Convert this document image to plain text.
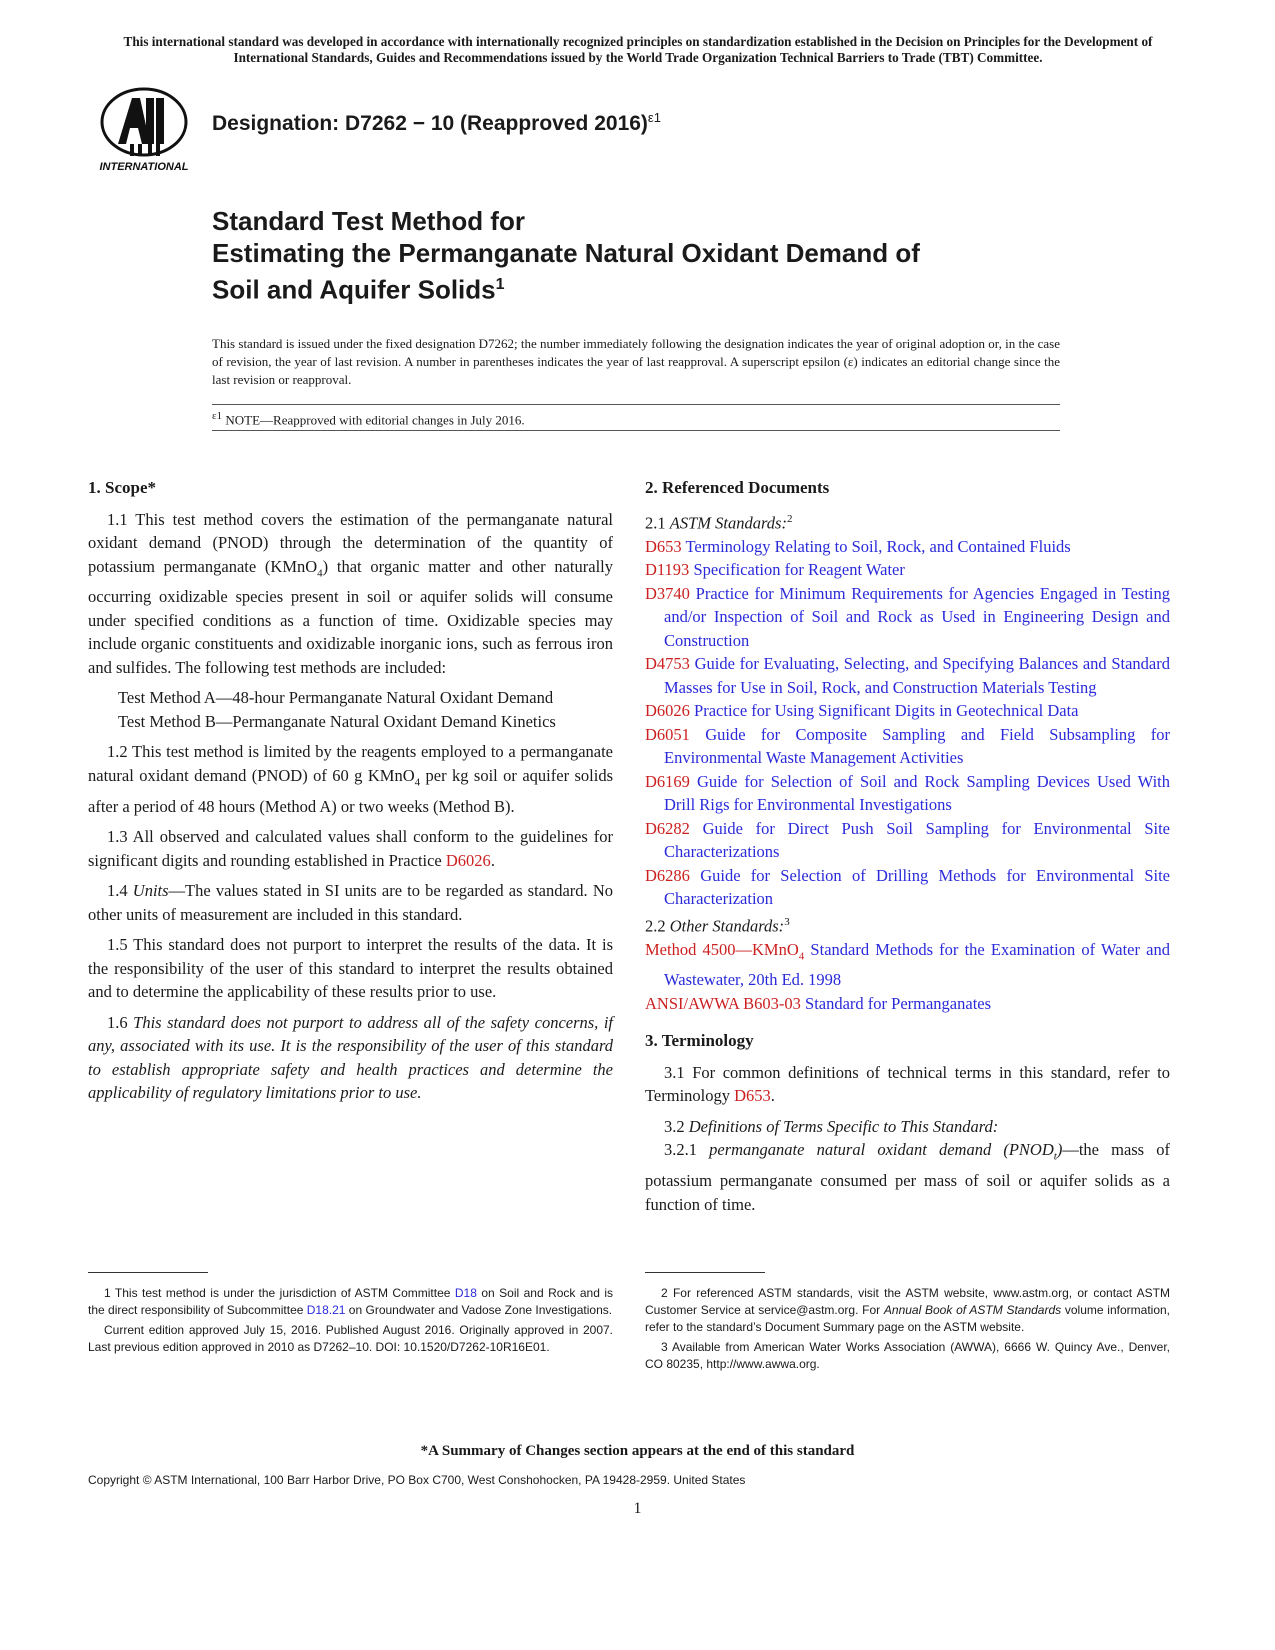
This international standard was developed in accordance with internationally recognized principles on standardization established in the Decision on Principles for the Development of International Standards, Guides and Recommendations issued by the World Trade Organization Technical Barriers to Trade (TBT) Committee.
INTERNATIONAL
Designation: D7262 − 10 (Reapproved 2016)$^{\varepsilon 1}$
Standard Test Method for
Estimating the Permanganate Natural Oxidant Demand of
Soil and Aquifer Solids$^1$
This standard is issued under the fixed designation D7262; the number immediately following the designation indicates the year of original adoption or, in the case of revision, the year of last revision. A number in parentheses indicates the year of last reapproval. A superscript epsilon (ε) indicates an editorial change since the last revision or reapproval.
$^{\varepsilon 1}$ NOTE—Reapproved with editorial changes in July 2016.
1. Scope*

1.1 This test method covers the estimation of the permanganate natural oxidant demand (PNOD) through the determination of the quantity of potassium permanganate (KMnO$_4$) that organic matter and other naturally occurring oxidizable species present in soil or aquifer solids will consume under specified conditions as a function of time. Oxidizable species may include organic constituents and oxidizable inorganic ions, such as ferrous iron and sulfides. The following test methods are included:

Test Method A—48-hour Permanganate Natural Oxidant Demand

Test Method B—Permanganate Natural Oxidant Demand Kinetics

1.2 This test method is limited by the reagents employed to a permanganate natural oxidant demand (PNOD) of 60 g KMnO$_4$ per kg soil or aquifer solids after a period of 48 hours (Method A) or two weeks (Method B).

1.3 All observed and calculated values shall conform to the guidelines for significant digits and rounding established in Practice D6026.

1.4 Units—The values stated in SI units are to be regarded as standard. No other units of measurement are included in this standard.

1.5 This standard does not purport to interpret the results of the data. It is the responsibility of the user of this standard to interpret the results obtained and to determine the applicability of these results prior to use.

1.6 This standard does not purport to address all of the safety concerns, if any, associated with its use. It is the responsibility of the user of this standard to establish appropriate safety and health practices and determine the applicability of regulatory limitations prior to use.

2. Referenced Documents

2.1 ASTM Standards:$^2$

D653 Terminology Relating to Soil, Rock, and Contained Fluids

D1193 Specification for Reagent Water

D3740 Practice for Minimum Requirements for Agencies Engaged in Testing and/or Inspection of Soil and Rock as Used in Engineering Design and Construction

D4753 Guide for Evaluating, Selecting, and Specifying Balances and Standard Masses for Use in Soil, Rock, and Construction Materials Testing

D6026 Practice for Using Significant Digits in Geotechnical Data

D6051 Guide for Composite Sampling and Field Subsampling for Environmental Waste Management Activities

D6169 Guide for Selection of Soil and Rock Sampling Devices Used With Drill Rigs for Environmental Investigations

D6282 Guide for Direct Push Soil Sampling for Environmental Site Characterizations

D6286 Guide for Selection of Drilling Methods for Environmental Site Characterization

2.2 Other Standards:$^3$

Method 4500—KMnO$_4$ Standard Methods for the Examination of Water and Wastewater, 20th Ed. 1998

ANSI/AWWA B603-03 Standard for Permanganates

3. Terminology

3.1 For common definitions of technical terms in this standard, refer to Terminology D653.

3.2 Definitions of Terms Specific to This Standard:

3.2.1 permanganate natural oxidant demand $(PNOD_t)—the$ mass of potassium permanganate consumed per mass of soil or aquifer solids as a function of time.

1 This test method is under the jurisdiction of ASTM Committee D18 on Soil and Rock and is the direct responsibility of Subcommittee D18.21 on Groundwater and Vadose Zone Investigations.

Current edition approved July 15, 2016. Published August 2016. Originally approved in 2007. Last previous edition approved in 2010 as D7262–10. DOI: 10.1520/D7262-10R16E01.

2 For referenced ASTM standards, visit the ASTM website, www.astm.org, or contact ASTM Customer Service at service@astm.org. For Annual Book of ASTM Standards volume information, refer to the standard’s Document Summary page on the ASTM website.

3 Available from American Water Works Association (AWWA), 6666 W. Quincy Ave., Denver, CO 80235, http://www.awwa.org.

*A Summary of Changes section appears at the end of this standard
Copyright © ASTM International, 100 Barr Harbor Drive, PO Box C700, West Conshohocken, PA 19428-2959. United States
1
